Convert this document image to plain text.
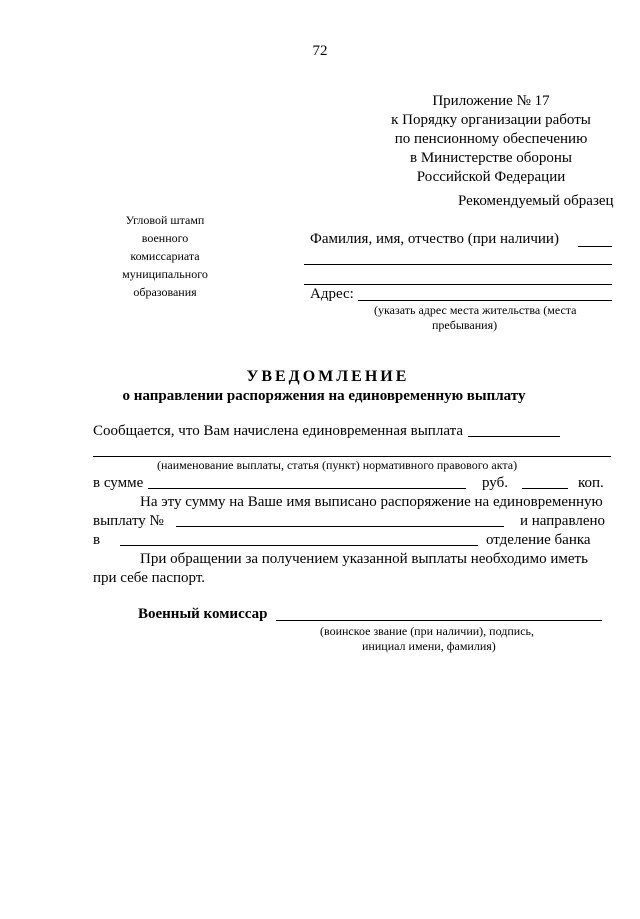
72
Приложение № 17
к Порядку организации работы
по пенсионному обеспечению
в Министерстве обороны
Российской Федерации
Рекомендуемый образец
Угловой штамп
военного
комиссариата
муниципального
образования
Фамилия, имя, отчество (при наличии)
Адрес:
(указать адрес места жительства (места
пребывания)
УВЕДОМЛЕНИЕ
о направлении распоряжения на единовременную выплату
Сообщается, что Вам начислена единовременная выплата
(наименование выплаты, статья (пункт) нормативного правового акта)
в сумме	руб.	коп.
На эту сумму на Ваше имя выписано распоряжение на единовременную
выплату №	и направлено
в	отделение банка
При обращении за получением указанной выплаты необходимо иметь
при себе паспорт.
Военный комиссар
(воинское звание (при наличии), подпись,
инициал имени, фамилия)
